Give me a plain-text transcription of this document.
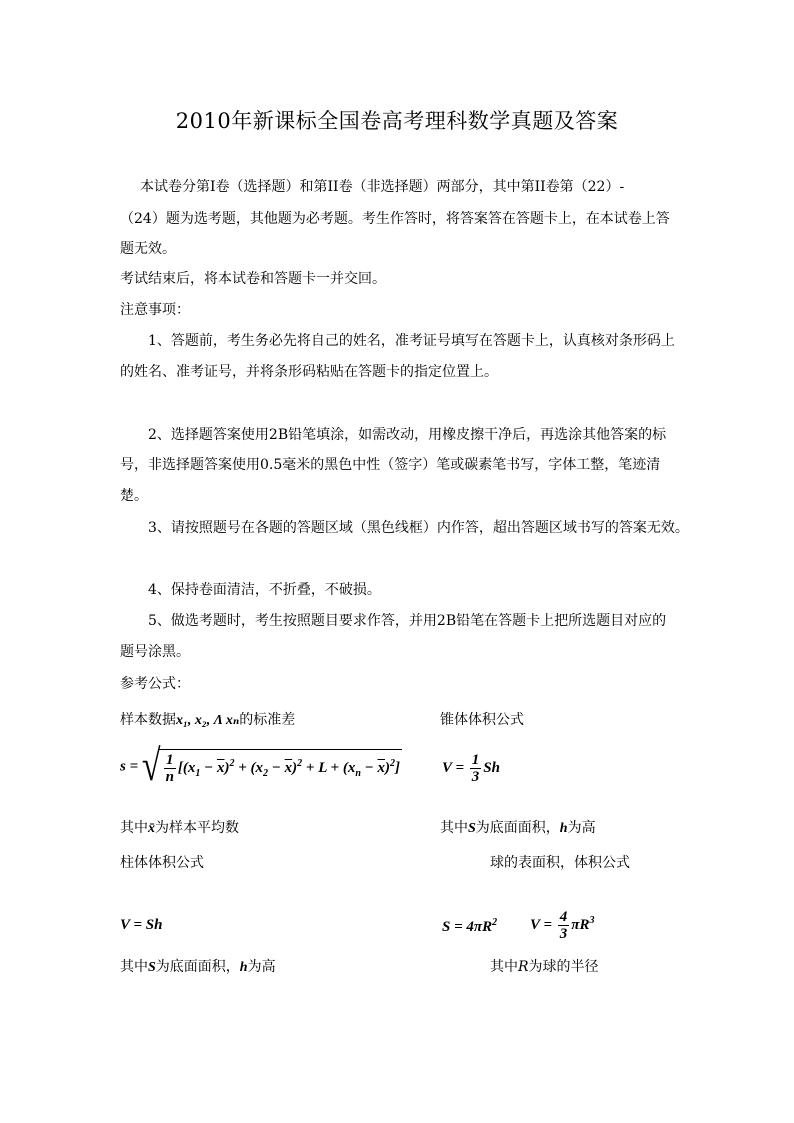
2010年新课标全国卷高考理科数学真题及答案
本试卷分第I卷（选择题）和第II卷（非选择题）两部分，其中第II卷第（22）-
（24）题为选考题，其他题为必考题。考生作答时，将答案答在答题卡上，在本试卷上答
题无效。
考试结束后，将本试卷和答题卡一并交回。
注意事项：
1、答题前，考生务必先将自己的姓名，准考证号填写在答题卡上，认真核对条形码上
的姓名、准考证号，并将条形码粘贴在答题卡的指定位置上。
2、选择题答案使用2B铅笔填涂，如需改动，用橡皮擦干净后，再选涂其他答案的标
号，非选择题答案使用0.5毫米的黑色中性（签字）笔或碳素笔书写，字体工整，笔迹清
楚。
3、请按照题号在各题的答题区域（黑色线框）内作答，超出答题区域书写的答案无效。
4、保持卷面清洁，不折叠，不破损。
5、做选考题时，考生按照题目要求作答，并用2B铅笔在答题卡上把所选题目对应的
题号涂黑。
参考公式：
样本数据x₁, x₂, Λ xₙ的标准差	锥体体积公式
s = √ $\frac{1}{n} [(x_1 - \overline{x})^2 + (x_2 - \overline{x})^2 + L + (x_n - \overline{x})^2]$	$V = \frac{1}{3}$ Sh
其中x̄为样本平均数	其中S为底面面积，h为高
柱体体积公式	球的表面积，体积公式
V = Sh	$S = 4\pi R^2$ $V = \frac{4}{3} \pi R^3$
其中S为底面面积，h为高	其中R为球的半径
